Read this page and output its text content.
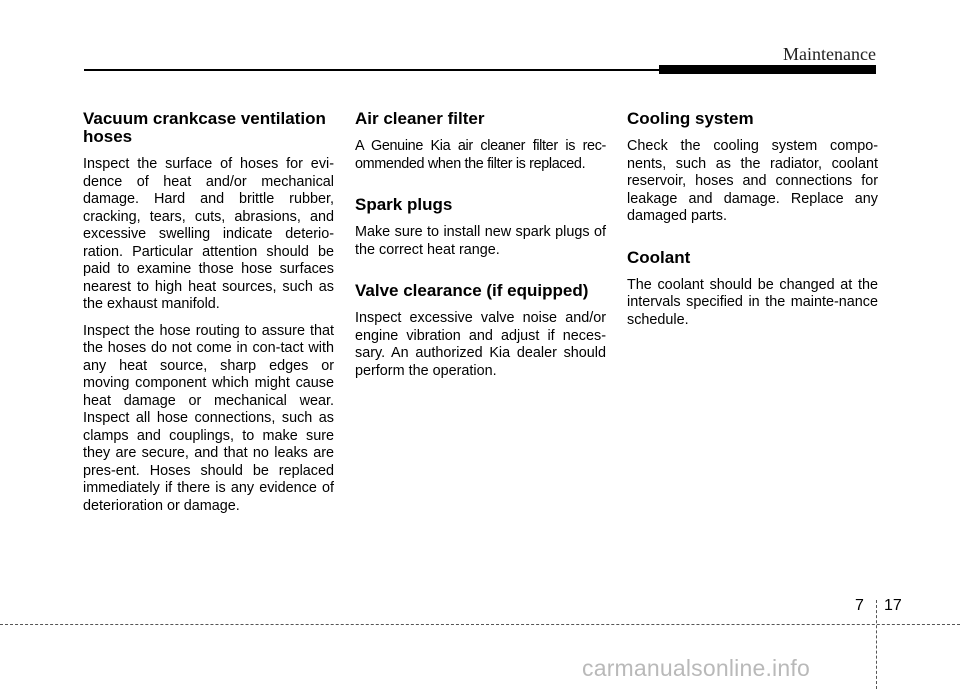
Maintenance
Vacuum crankcase ventilation hoses

Inspect the surface of hoses for evi-dence of heat and/or mechanical damage. Hard and brittle rubber, cracking, tears, cuts, abrasions, and excessive swelling indicate deterio-ration. Particular attention should be paid to examine those hose surfaces nearest to high heat sources, such as the exhaust manifold.

Inspect the hose routing to assure that the hoses do not come in con-tact with any heat source, sharp edges or moving component which might cause heat damage or mechanical wear. Inspect all hose connections, such as clamps and couplings, to make sure they are secure, and that no leaks are pres-ent. Hoses should be replaced immediately if there is any evidence of deterioration or damage.

Air cleaner filter

A Genuine Kia air cleaner filter is rec-ommended when the filter is replaced.

Spark plugs

Make sure to install new spark plugs of the correct heat range.

Valve clearance (if equipped)

Inspect excessive valve noise and/or engine vibration and adjust if neces-sary. An authorized Kia dealer should perform the operation.

Cooling system

Check the cooling system compo-nents, such as the radiator, coolant reservoir, hoses and connections for leakage and damage. Replace any damaged parts.

Coolant

The coolant should be changed at the intervals specified in the mainte-nance schedule.

7 17
carmanualsonline.info
